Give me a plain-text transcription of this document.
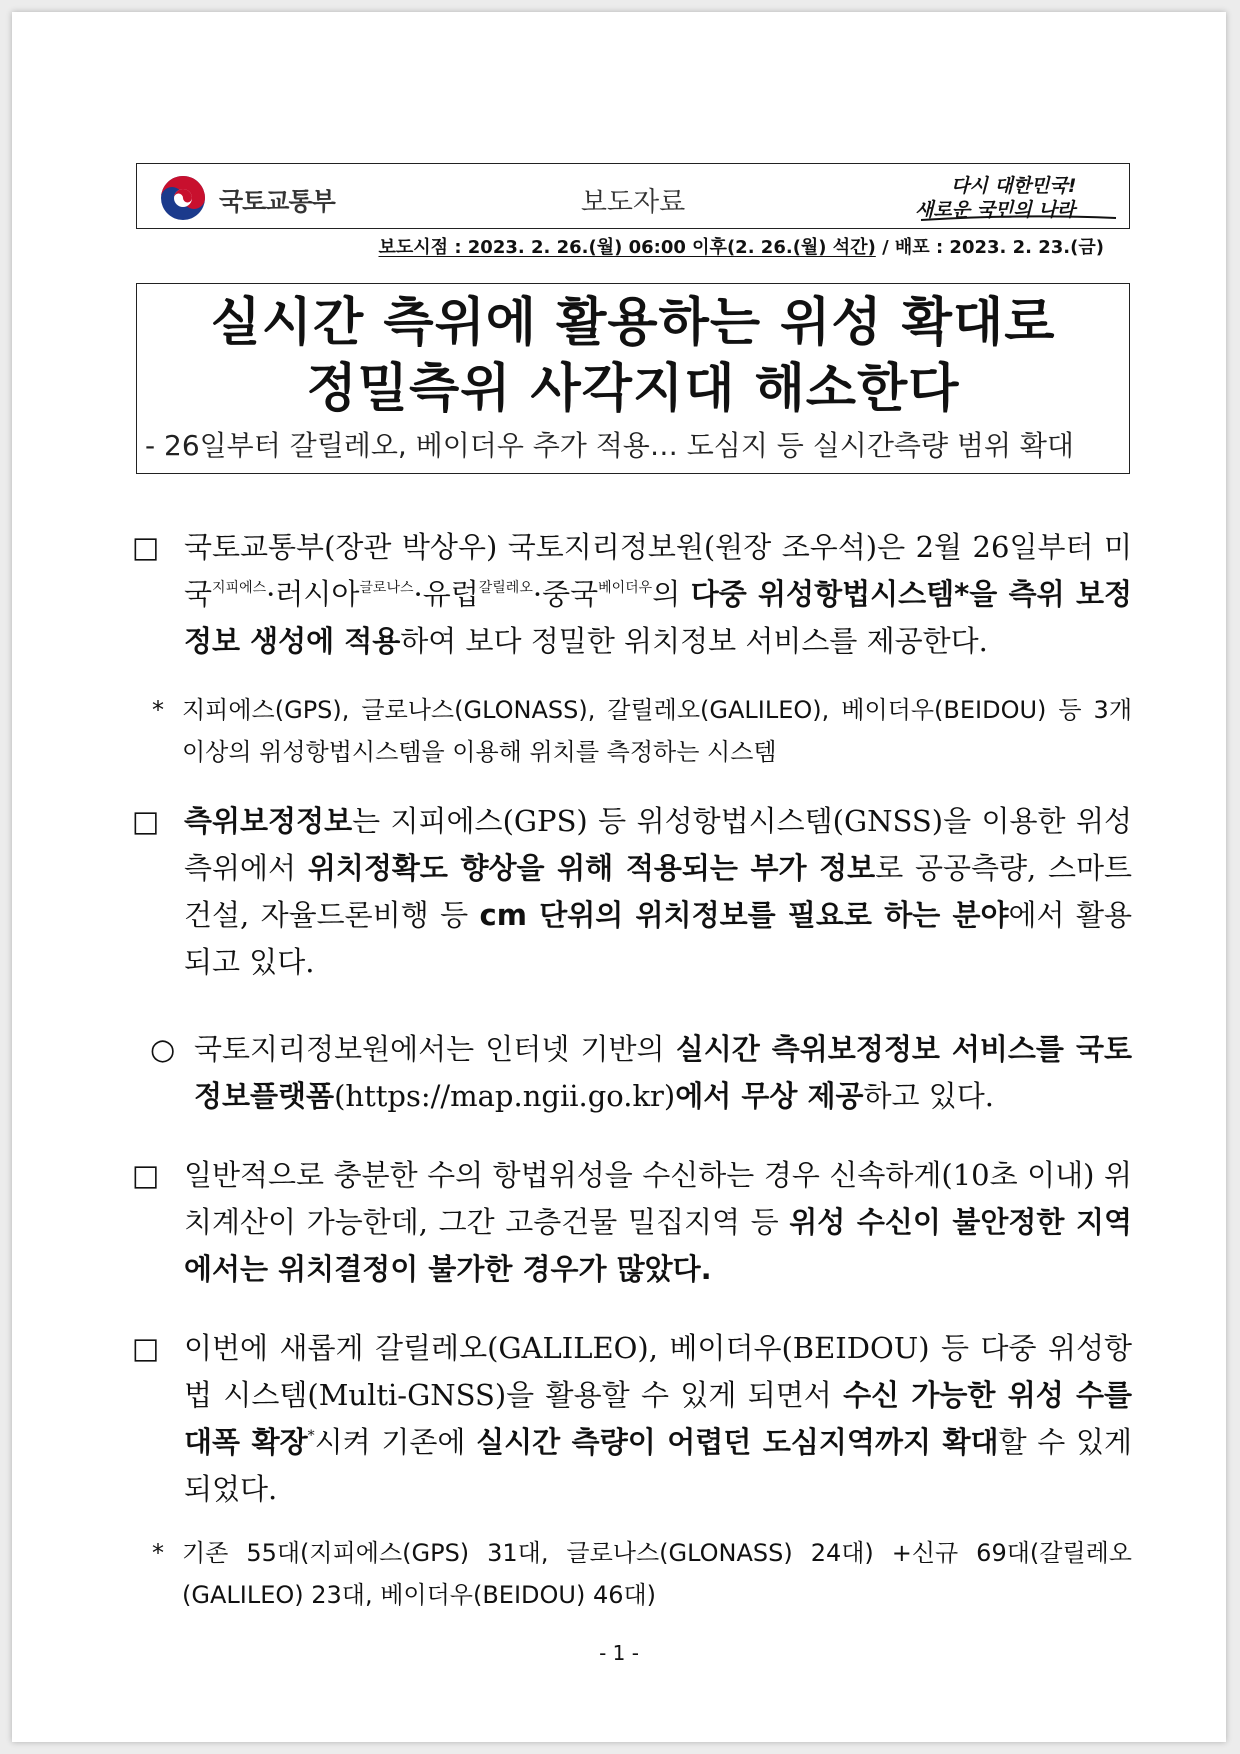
국토교통부	보도자료
다시 대한민국!
새로운 국민의 나라
보도시점 : 2023. 2. 26.(월) 06:00 이후(2. 26.(월) 석간) / 배포 : 2023. 2. 23.(금)
실시간 측위에 활용하는 위성 확대로
정밀측위 사각지대 해소한다
- 26일부터 갈릴레오, 베이더우 추가 적용… 도심지 등 실시간측량 범위 확대
□ 국토교통부(장관 박상우) 국토지리정보원(원장 조우석)은 2월 26일부터 미국$^{지피에스}$·러시아$^{글로나스}$·유럽$^{갈릴레오}$·중국$^{베이더우}$의 다중 위성항법시스템*을 측위 보정정보 생성에 적용하여 보다 정밀한 위치정보 서비스를 제공한다.
* 지피에스(GPS), 글로나스(GLONASS), 갈릴레오(GALILEO), 베이더우(BEIDOU) 등 3개 이상의 위성항법시스템을 이용해 위치를 측정하는 시스템
□ 측위보정정보는 지피에스(GPS) 등 위성항법시스템(GNSS)을 이용한 위성 측위에서 위치정확도 향상을 위해 적용되는 부가 정보로 공공측량, 스마트건설, 자율드론비행 등 cm 단위의 위치정보를 필요로 하는 분야에서 활용되고 있다.
○ 국토지리정보원에서는 인터넷 기반의 실시간 측위보정정보 서비스를 국토정보플랫폼(https://map.ngii.go.kr)에서 무상 제공하고 있다.
□ 일반적으로 충분한 수의 항법위성을 수신하는 경우 신속하게(10초 이내) 위치계산이 가능한데, 그간 고층건물 밀집지역 등 위성 수신이 불안정한 지역에서는 위치결정이 불가한 경우가 많았다.
□ 이번에 새롭게 갈릴레오(GALILEO), 베이더우(BEIDOU) 등 다중 위성항법 시스템(Multi-GNSS)을 활용할 수 있게 되면서 수신 가능한 위성 수를 대폭 확장*시켜 기존에 실시간 측량이 어렵던 도심지역까지 확대할 수 있게 되었다.
* 기존 55대(지피에스(GPS) 31대, 글로나스(GLONASS) 24대) +신규 69대(갈릴레오(GALILEO) 23대, 베이더우(BEIDOU) 46대)
- 1 -
